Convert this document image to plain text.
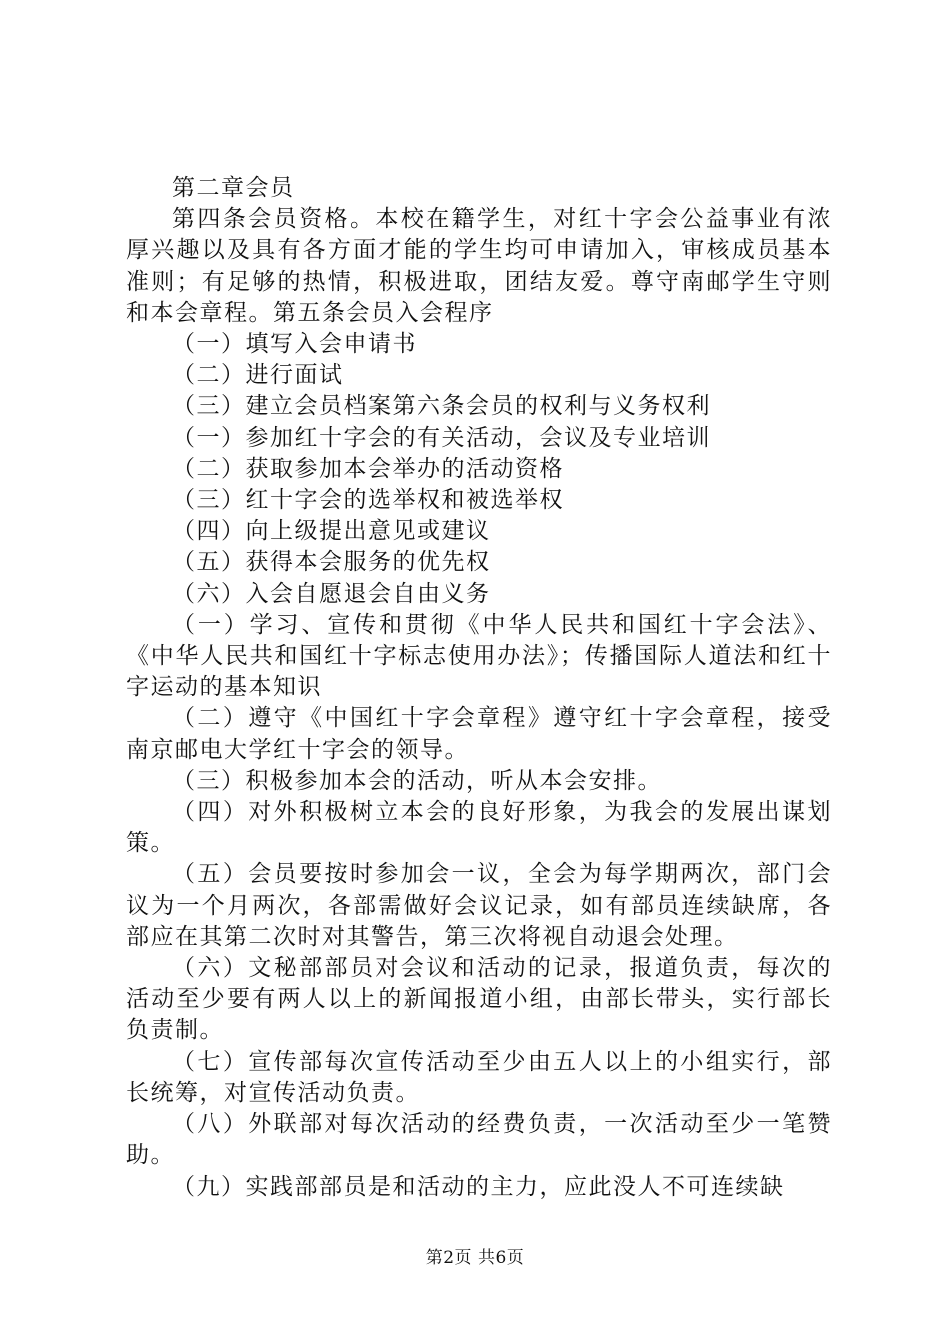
第二章会员

第四条会员资格。本校在籍学生，对红十字会公益事业有浓厚兴趣以及具有各方面才能的学生均可申请加入，审核成员基本准则；有足够的热情，积极进取，团结友爱。尊守南邮学生守则和本会章程。第五条会员入会程序

（一）填写入会申请书

（二）进行面试

（三）建立会员档案第六条会员的权利与义务权利

（一）参加红十字会的有关活动，会议及专业培训

（二）获取参加本会举办的活动资格

（三）红十字会的选举权和被选举权

（四）向上级提出意见或建议

（五）获得本会服务的优先权

（六）入会自愿退会自由义务

（一）学习、宣传和贯彻《中华人民共和国红十字会法》、《中华人民共和国红十字标志使用办法》；传播国际人道法和红十字运动的基本知识

（二）遵守《中国红十字会章程》遵守红十字会章程，接受南京邮电大学红十字会的领导。

（三）积极参加本会的活动，听从本会安排。

（四）对外积极树立本会的良好形象，为我会的发展出谋划策。

（五）会员要按时参加会一议，全会为每学期两次，部门会议为一个月两次，各部需做好会议记录，如有部员连续缺席，各部应在其第二次时对其警告，第三次将视自动退会处理。

（六）文秘部部员对会议和活动的记录，报道负责，每次的活动至少要有两人以上的新闻报道小组，由部长带头，实行部长负责制。

（七）宣传部每次宣传活动至少由五人以上的小组实行，部长统筹，对宣传活动负责。

（八）外联部对每次活动的经费负责，一次活动至少一笔赞助。

（九）实践部部员是和活动的主力，应此没人不可连续缺

第2页 共6页
